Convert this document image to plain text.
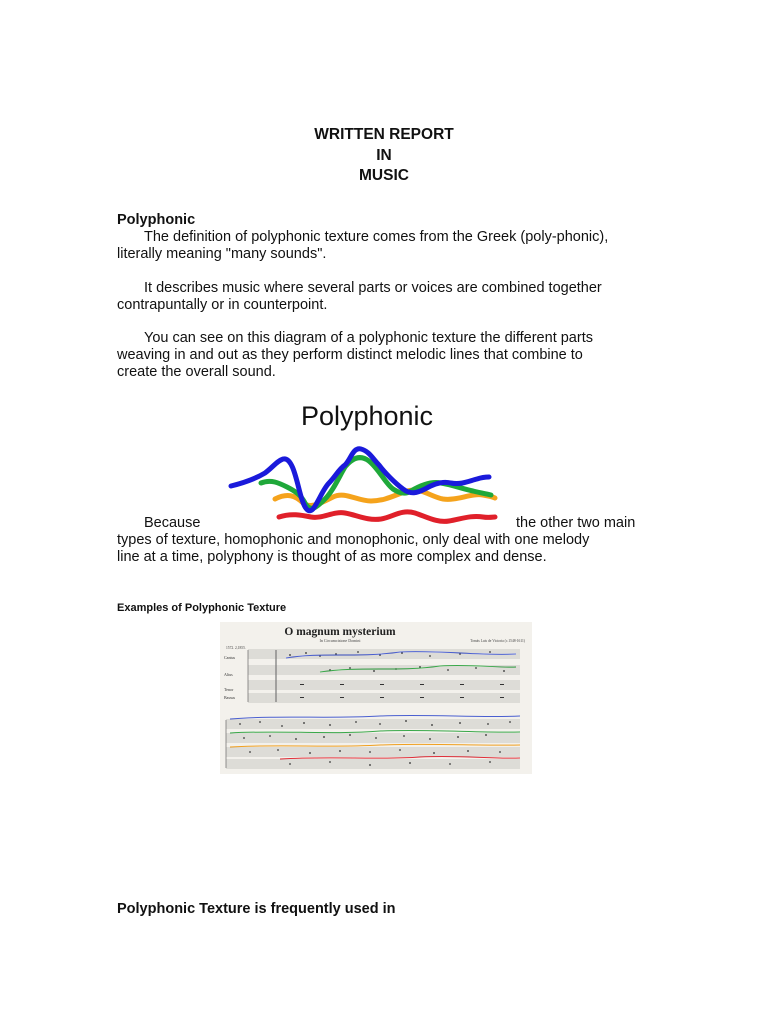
WRITTEN REPORT
IN
MUSIC
Polyphonic
The definition of polyphonic texture comes from the Greek (poly-phonic),
literally meaning "many sounds".
It describes music where several parts or voices are combined together
contrapuntally or in counterpoint.
You can see on this diagram of a polyphonic texture the different parts
weaving in and out as they perform distinct melodic lines that combine to
create the overall sound.
Polyphonic
Because	the other two main
types of texture, homophonic and monophonic, only deal with one melody
line at a time, polyphony is thought of as more complex and dense.
Examples of Polyphonic Texture
O magnum mysterium
In Circumcisione Domini	Tomás Luis de Victoria (c.1548-1611)
1572. 2,1855.
Cantus
Altus
Tenor
Bassus
Polyphonic Texture is frequently used in
